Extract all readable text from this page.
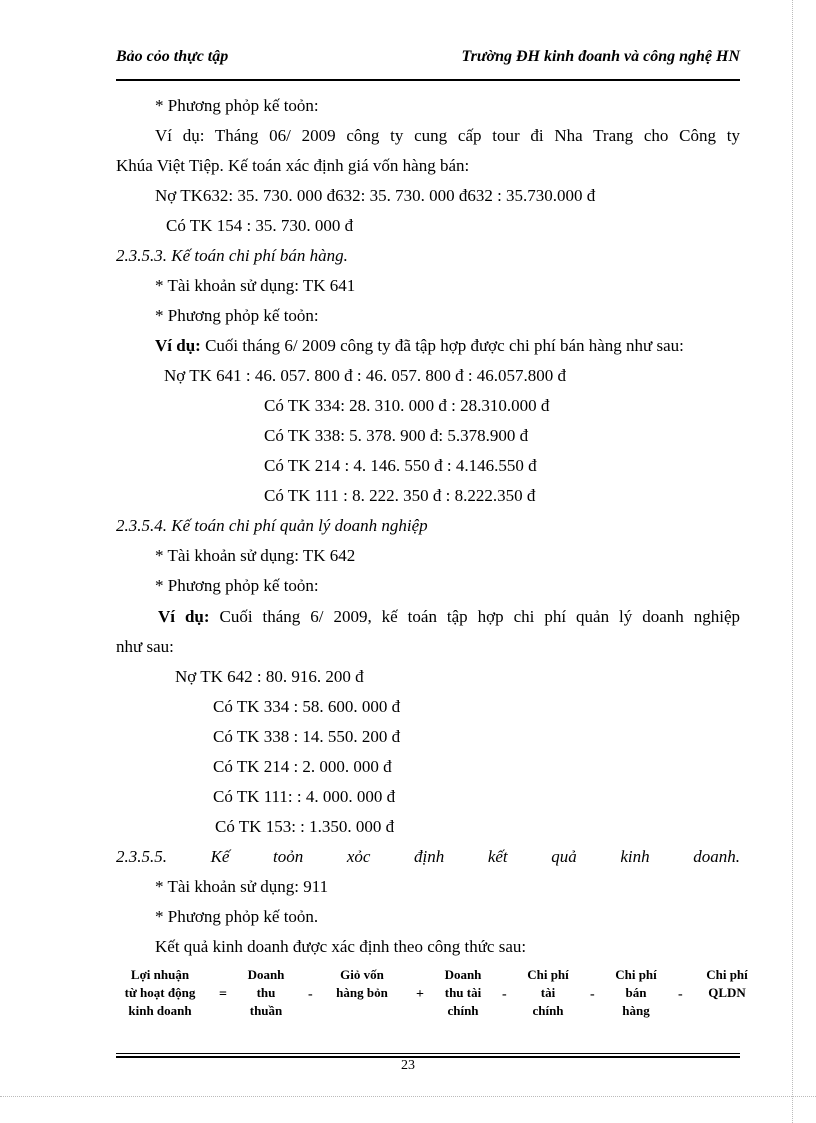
Bảo cỏo thực tập	Trường ĐH kinh đoanh và công nghệ HN
* Phương phỏp kế toỏn:
Ví dụ: Tháng 06/ 2009 công ty cung cấp tour đi Nha Trang cho Công ty
Khúa Việt Tiệp. Kế toán xác định giá vốn hàng bán:
Nợ TK632: 35. 730. 000 đ632: 35. 730. 000 đ632 : 35.730.000 đ
Có TK 154 : 35. 730. 000 đ
2.3.5.3. Kế toán chi phí bán hàng.
* Tài khoản sử dụng: TK 641
* Phương phỏp kế toỏn:
Ví dụ: Cuối tháng 6/ 2009 công ty đã tập hợp được chi phí bán hàng như sau:
Nợ TK 641 : 46. 057. 800 đ : 46. 057. 800 đ : 46.057.800 đ
Có TK 334: 28. 310. 000 đ : 28.310.000 đ
Có TK 338: 5. 378. 900 đ: 5.378.900 đ
Có TK 214 : 4. 146. 550 đ : 4.146.550 đ
Có TK 111 : 8. 222. 350 đ : 8.222.350 đ
2.3.5.4. Kế toán chi phí quản lý doanh nghiệp
* Tài khoản sử dụng: TK 642
* Phương phỏp kế toỏn:
Ví dụ: Cuối tháng 6/ 2009, kế toán tập hợp chi phí quản lý doanh nghiệp
như sau:
Nợ TK 642 : 80. 916. 200 đ
Có TK 334 : 58. 600. 000 đ
Có TK 338 : 14. 550. 200 đ
Có TK 214 : 2. 000. 000 đ
Có TK 111: : 4. 000. 000 đ
Có TK 153: : 1.350. 000 đ
2.3.5.5.	Kế	toỏn	xỏc	định	kết	quả	kinh	doanh.
* Tài khoản sử dụng: 911
* Phương phỏp kế toỏn.
Kết quả kinh doanh được xác định theo công thức sau:
Lợi nhuận
từ hoạt động
kinh doanh
=
Doanh
thu
thuần
-
Giỏ vốn
hàng bỏn	+
Doanh
thu tài
chính
-
Chi phí
tài
chính
-
Chi phí
bán
hàng
-
Chi phí
QLDN
23
